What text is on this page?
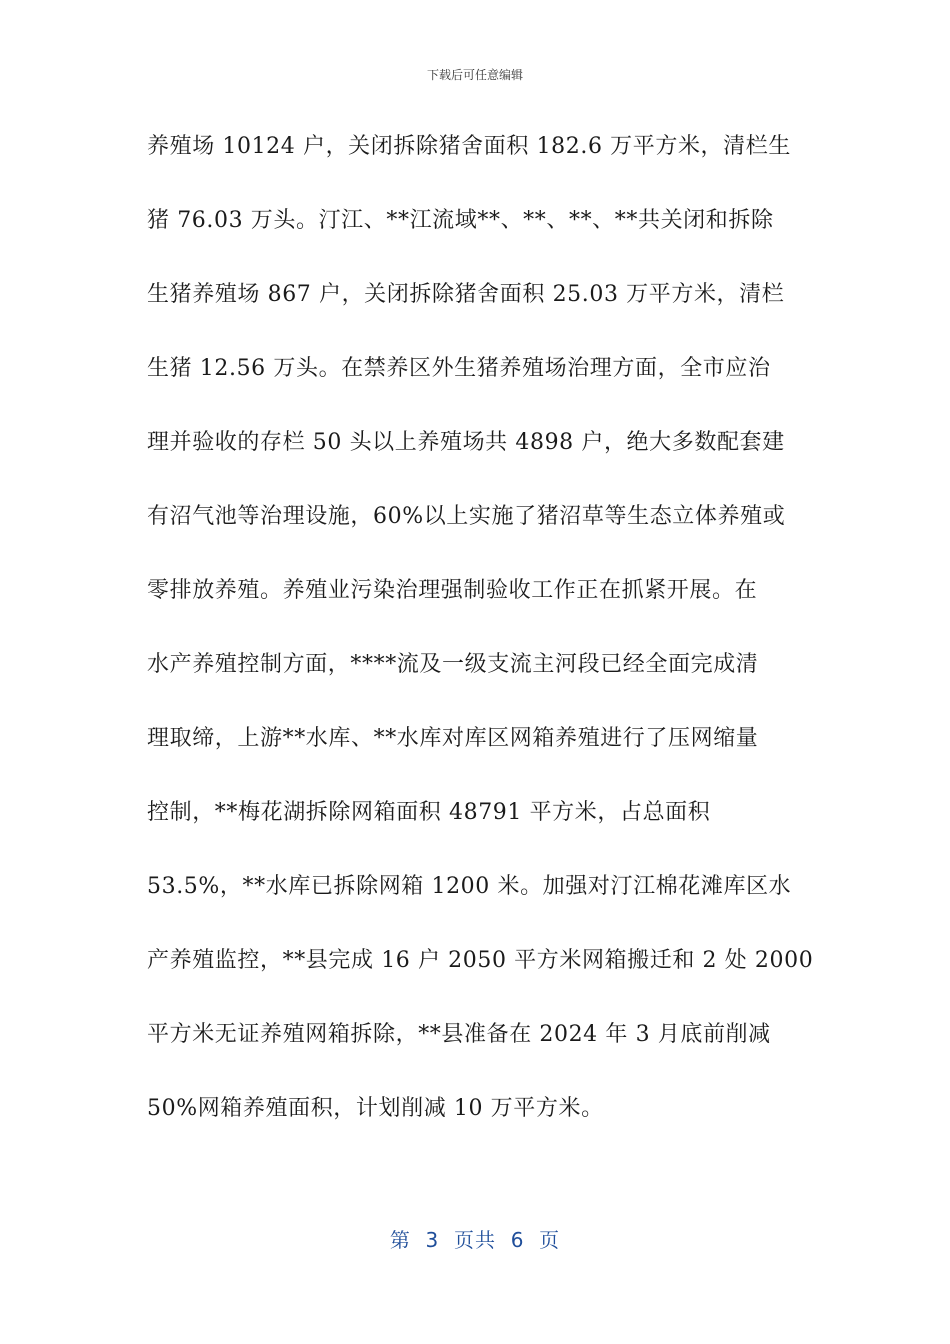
下载后可任意编辑
养殖场 10124 户，关闭拆除猪舍面积 182.6 万平方米，清栏生
猪 76.03 万头。汀江、**江流域**、**、**、**共关闭和拆除
生猪养殖场 867 户，关闭拆除猪舍面积 25.03 万平方米，清栏
生猪 12.56 万头。在禁养区外生猪养殖场治理方面，全市应治
理并验收的存栏 50 头以上养殖场共 4898 户，绝大多数配套建
有沼气池等治理设施，60%以上实施了猪沼草等生态立体养殖或
零排放养殖。养殖业污染治理强制验收工作正在抓紧开展。在
水产养殖控制方面，****流及一级支流主河段已经全面完成清
理取缔，上游**水库、**水库对库区网箱养殖进行了压网缩量
控制，**梅花湖拆除网箱面积 48791 平方米，占总面积
53.5%，**水库已拆除网箱 1200 米。加强对汀江棉花滩库区水
产养殖监控，**县完成 16 户 2050 平方米网箱搬迁和 2 处 2000
平方米无证养殖网箱拆除，**县准备在 2024 年 3 月底前削减
50%网箱养殖面积，计划削减 10 万平方米。
第  3  页共  6  页
